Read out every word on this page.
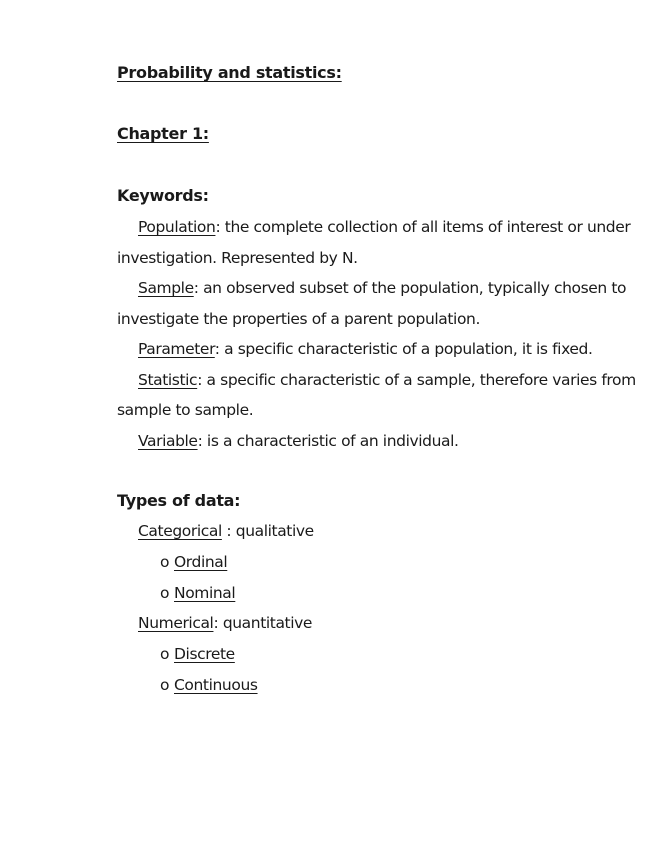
Probability and statistics:
Chapter 1:
Keywords:
Population: the complete collection of all items of interest or under
investigation. Represented by N.
Sample: an observed subset of the population, typically chosen to
investigate the properties of a parent population.
Parameter: a specific characteristic of a population, it is fixed.
Statistic: a specific characteristic of a sample, therefore varies from
sample to sample.
Variable: is a characteristic of an individual.
Types of data:
Categorical : qualitative
o Ordinal
o Nominal
Numerical: quantitative
o Discrete
o Continuous
